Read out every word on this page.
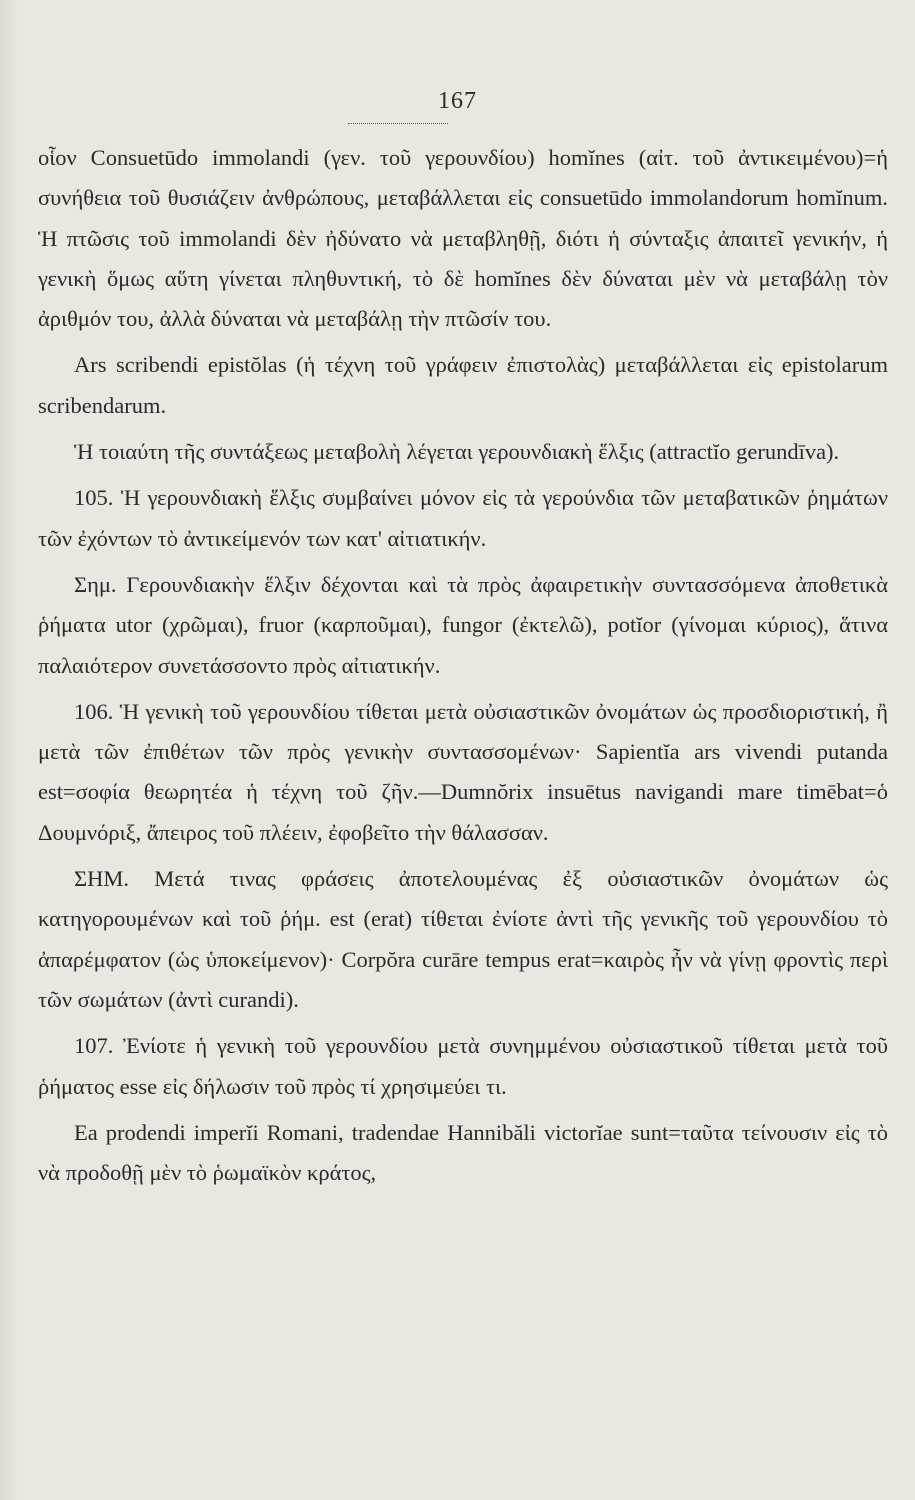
167

οἷον Consuetūdo immolandi (γεν. τοῦ γερουνδίου) homĭnes (αἰτ. τοῦ ἀντικειμένου)=ἡ συνήθεια τοῦ θυσιάζειν ἀνθρώπους, μεταβάλλεται εἰς consuetūdo immolandorum homĭnum. Ἡ πτῶσις τοῦ immolandi δὲν ἠδύνατο νὰ μεταβληθῇ, διότι ἡ σύνταξις ἀπαιτεῖ γενικήν, ἡ γενικὴ ὅμως αὕτη γίνεται πληθυντική, τὸ δὲ homĭnes δὲν δύναται μὲν νὰ μεταβάλῃ τὸν ἀριθμόν του, ἀλλὰ δύναται νὰ μεταβάλῃ τὴν πτῶσίν του.

Ars scribendi epistŏlas (ἡ τέχνη τοῦ γράφειν ἐπιστολὰς) μεταβάλλεται εἰς epistolarum scribendarum.

Ἡ τοιαύτη τῆς συντάξεως μεταβολὴ λέγεται γερουνδιακὴ ἕλξις (attractĭo gerundīva).

105. Ἡ γερουνδιακὴ ἕλξις συμβαίνει μόνον εἰς τὰ γερούνδια τῶν μεταβατικῶν ῥημάτων τῶν ἐχόντων τὸ ἀντικείμενόν των κατ' αἰτιατικήν.

Σημ. Γερουνδιακὴν ἕλξιν δέχονται καὶ τὰ πρὸς ἀφαιρετικὴν συντασσόμενα ἀποθετικὰ ῥήματα utor (χρῶμαι), fruor (καρποῦμαι), fungor (ἐκτελῶ), potĭor (γίνομαι κύριος), ἅτινα παλαιότερον συνετάσσοντο πρὸς αἰτιατικήν.

106. Ἡ γενικὴ τοῦ γερουνδίου τίθεται μετὰ οὐσιαστικῶν ὀνομάτων ὡς προσδιοριστική, ἢ μετὰ τῶν ἐπιθέτων τῶν πρὸς γενικὴν συντασσομένων· Sapientĭa ars vivendi putanda est=σοφία θεωρητέα ἡ τέχνη τοῦ ζῆν.—Dumnŏrix insuētus navigandi mare timēbat=ὁ Δουμνόριξ, ἄπειρος τοῦ πλέειν, ἐφοβεῖτο τὴν θάλασσαν.

ΣΗΜ. Μετά τινας φράσεις ἀποτελουμένας ἐξ οὐσιαστικῶν ὀνομάτων ὡς κατηγορουμένων καὶ τοῦ ῥήμ. est (erat) τίθεται ἐνίοτε ἀντὶ τῆς γενικῆς τοῦ γερουνδίου τὸ ἀπαρέμφατον (ὡς ὑποκείμενον)· Corpŏra curāre tempus erat=καιρὸς ἦν νὰ γίνῃ φροντὶς περὶ τῶν σωμάτων (ἀντὶ curandi).

107. Ἐνίοτε ἡ γενικὴ τοῦ γερουνδίου μετὰ συνημμένου οὐσιαστικοῦ τίθεται μετὰ τοῦ ῥήματος esse εἰς δήλωσιν τοῦ πρὸς τί χρησιμεύει τι.

Ea prodendi imperĭi Romani, tradendae Hannibăli victorĭae sunt=ταῦτα τείνουσιν εἰς τὸ νὰ προδοθῇ μὲν τὸ ῥωμαϊκὸν κράτος,
